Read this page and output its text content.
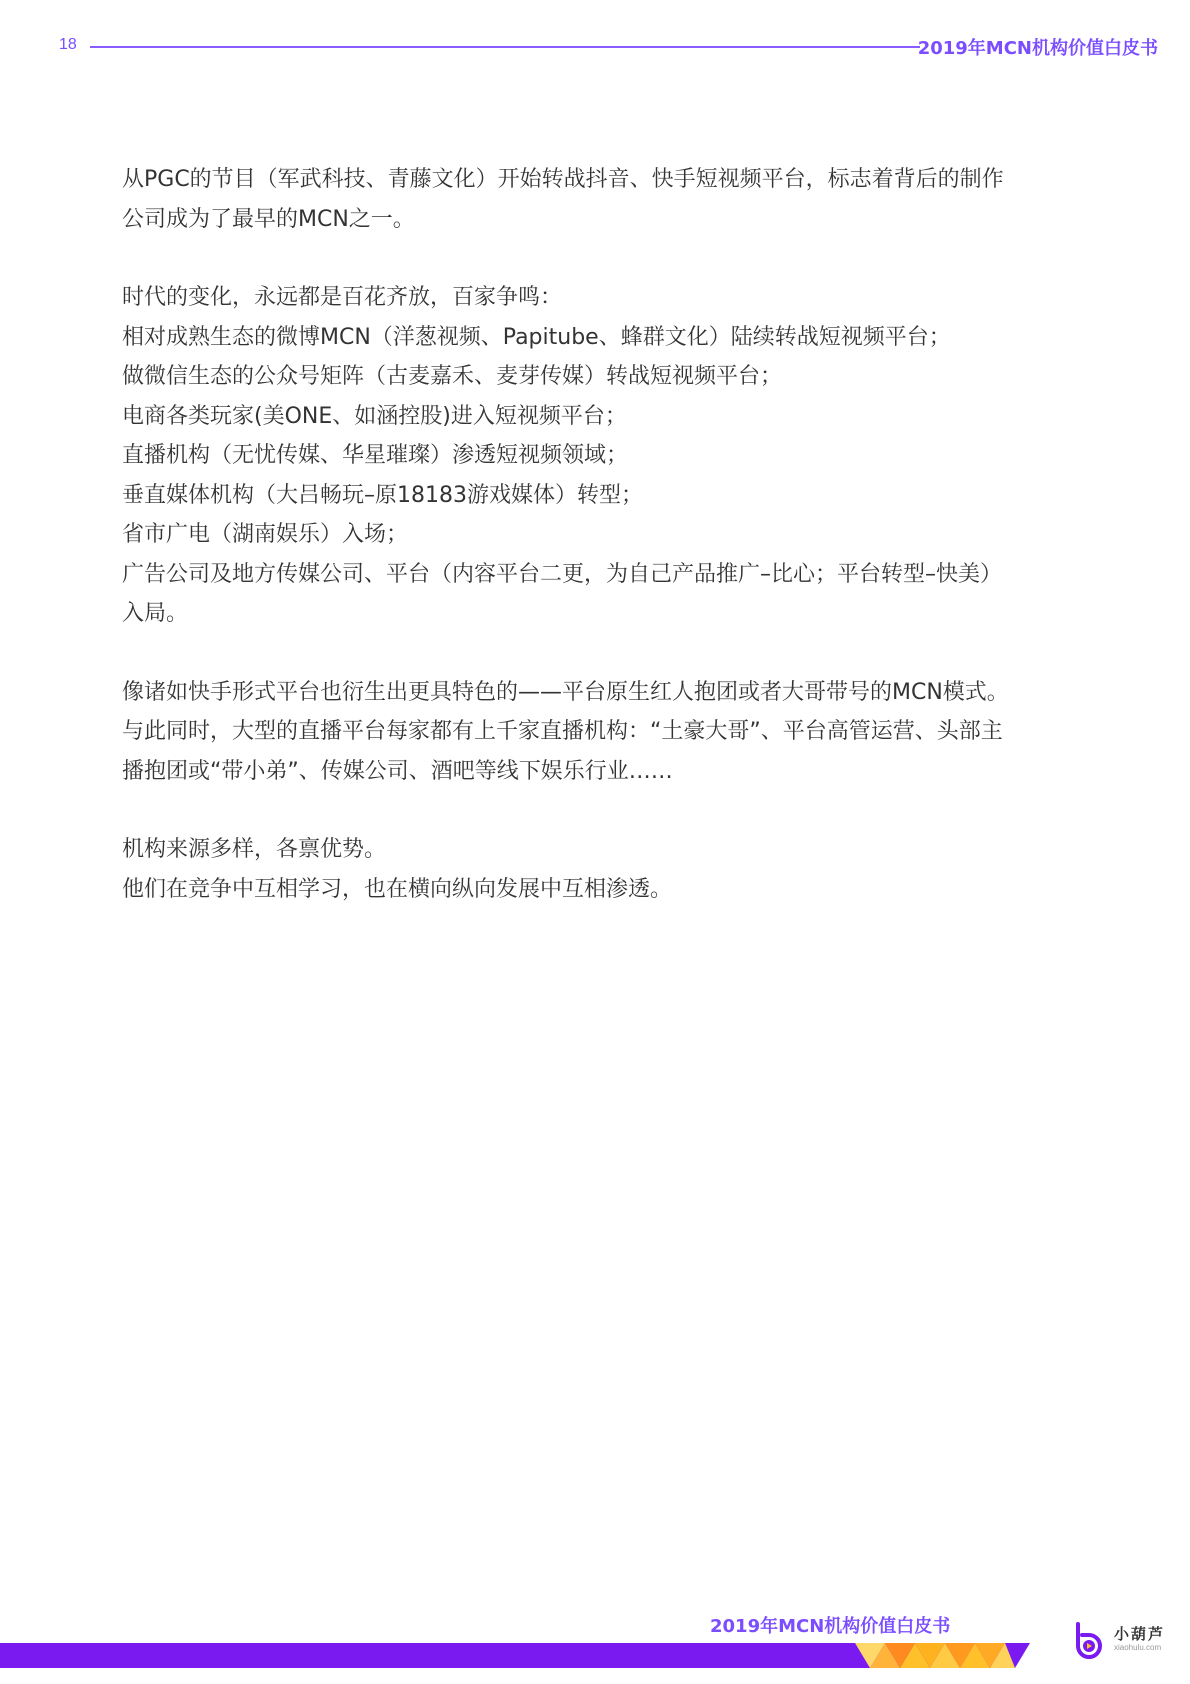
18	2019年MCN机构价值白皮书

从PGC的节目（军武科技、青藤文化）开始转战抖音、快手短视频平台，标志着背后的制作
公司成为了最早的MCN之一。

时代的变化，永远都是百花齐放，百家争鸣：
相对成熟生态的微博MCN（洋葱视频、Papitube、蜂群文化）陆续转战短视频平台；
做微信生态的公众号矩阵（古麦嘉禾、麦芽传媒）转战短视频平台；
电商各类玩家(美ONE、如涵控股)进入短视频平台；
直播机构（无忧传媒、华星璀璨）渗透短视频领域；
垂直媒体机构（大吕畅玩–原18183游戏媒体）转型；
省市广电（湖南娱乐）入场；
广告公司及地方传媒公司、平台（内容平台二更，为自己产品推广–比心；平台转型–快美）
入局。

像诸如快手形式平台也衍生出更具特色的——平台原生红人抱团或者大哥带号的MCN模式。
与此同时，大型的直播平台每家都有上千家直播机构：“土豪大哥”、平台高管运营、头部主
播抱团或“带小弟”、传媒公司、酒吧等线下娱乐行业……

机构来源多样，各禀优势。
他们在竞争中互相学习，也在横向纵向发展中互相渗透。

2019年MCN机构价值白皮书	小葫芦
xiaohulu.com
